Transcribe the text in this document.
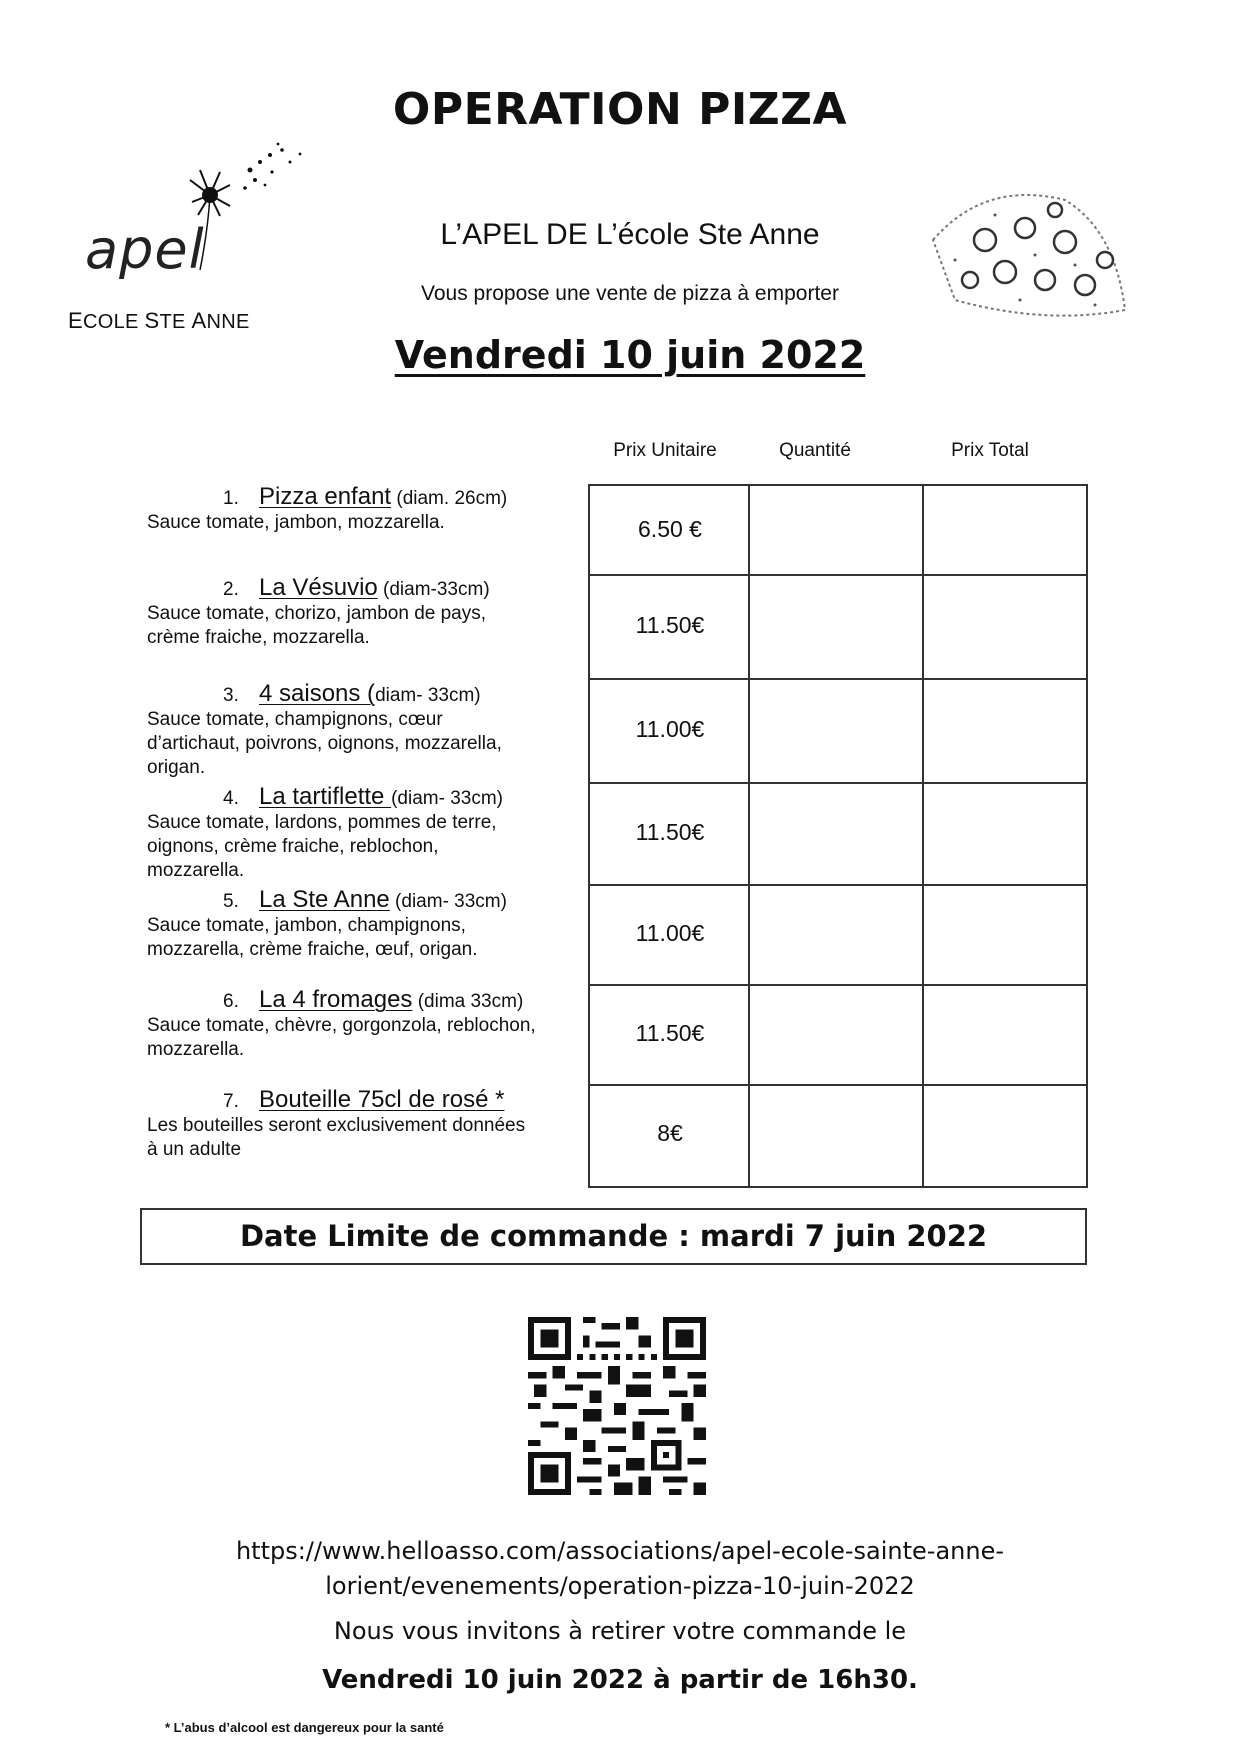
OPERATION PIZZA
apel
ECOLE STE ANNE
L’APEL DE L’école Ste Anne
Vous propose une vente de pizza à emporter
Vendredi 10 juin 2022
Prix Unitaire	Quantité	Prix Total
6.50 €
11.50€
11.00€
11.50€
11.00€
11.50€
8€
1. Pizza enfant (diam. 26cm)
Sauce tomate, jambon, mozzarella.
2. La Vésuvio (diam-33cm)
Sauce tomate, chorizo, jambon de pays,
crème fraiche, mozzarella.
3. 4 saisons (diam- 33cm)
Sauce tomate, champignons, cœur
d’artichaut, poivrons, oignons, mozzarella,
origan.
4. La tartiflette (diam- 33cm)
Sauce tomate, lardons, pommes de terre,
oignons, crème fraiche, reblochon,
mozzarella.
5. La Ste Anne (diam- 33cm)
Sauce tomate, jambon, champignons,
mozzarella, crème fraiche, œuf, origan.
6. La 4 fromages (dima 33cm)
Sauce tomate, chèvre, gorgonzola, reblochon,
mozzarella.
7. Bouteille 75cl de rosé *
Les bouteilles seront exclusivement données
à un adulte
Date Limite de commande : mardi 7 juin 2022
https://www.helloasso.com/associations/apel-ecole-sainte-anne-
lorient/evenements/operation-pizza-10-juin-2022
Nous vous invitons à retirer votre commande le
Vendredi 10 juin 2022 à partir de 16h30.
* L’abus d’alcool est dangereux pour la santé
